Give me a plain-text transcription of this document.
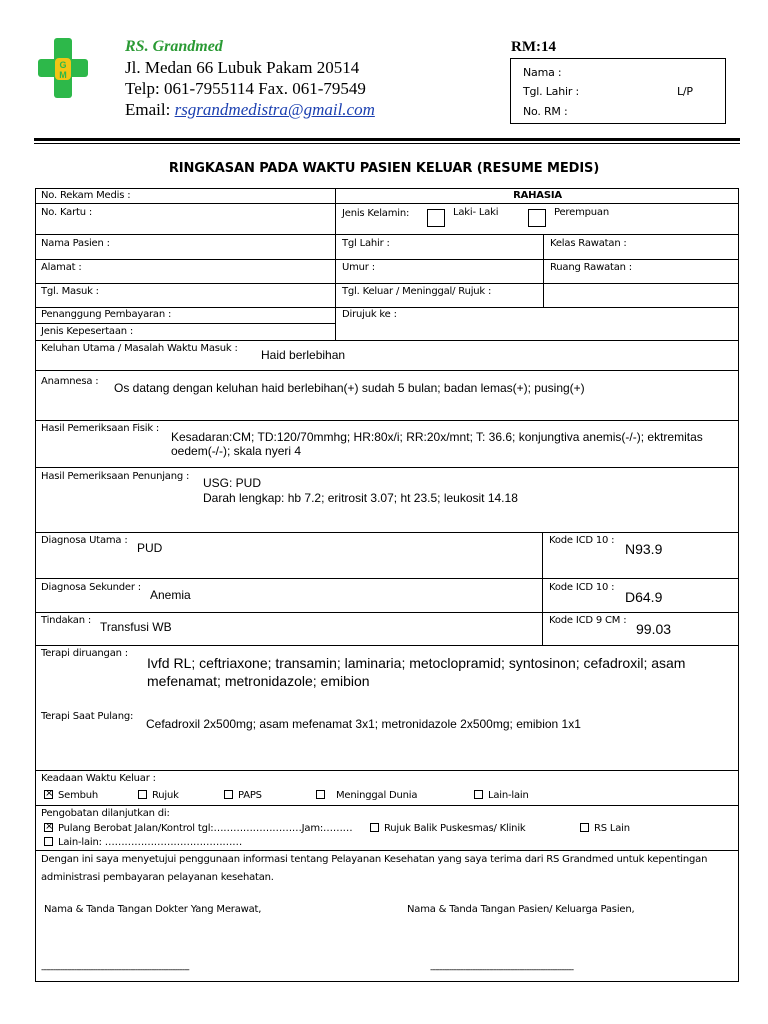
G
M
RS. Grandmed
Jl. Medan 66 Lubuk Pakam 20514
Telp: 061-7955114 Fax. 061-79549
Email: rsgrandmedistra@gmail.com
RM:14
Nama :
Tgl. Lahir :	L/P
No. RM :
RINGKASAN PADA WAKTU PASIEN KELUAR (RESUME MEDIS)
No. Rekam Medis :	RAHASIA
No. Kartu :	Jenis Kelamin:	Laki- Laki	Perempuan
Nama Pasien :	Tgl Lahir :	Kelas Rawatan :
Alamat :	Umur :	Ruang Rawatan :
Tgl. Masuk :	Tgl. Keluar / Meninggal/ Rujuk :
Penanggung Pembayaran :	Dirujuk ke :
Jenis Kepesertaan :
Keluhan Utama / Masalah Waktu Masuk : Haid berlebihan
Anamnesa : Os datang dengan keluhan haid berlebihan(+) sudah 5 bulan; badan lemas(+); pusing(+)
Hasil Pemeriksaan Fisik :
Kesadaran:CM; TD:120/70mmhg; HR:80x/i; RR:20x/mnt; T: 36.6; konjungtiva anemis(-/-); ektremitas
oedem(-/-); skala nyeri 4
Hasil Pemeriksaan Penunjang : USG: PUD
Darah lengkap: hb 7.2; eritrosit 3.07; ht 23.5; leukosit 14.18
Diagnosa Utama :
PUD
Kode ICD 10 :
N93.9
Diagnosa Sekunder :
Anemia
Kode ICD 10 :
D64.9
Tindakan : Transfusi WB	Kode ICD 9 CM :
99.03
Terapi diruangan :
Ivfd RL; ceftriaxone; transamin; laminaria; metoclopramid; syntosinon; cefadroxil; asam
mefenamat; metronidazole; emibion
Terapi Saat Pulang:
Cefadroxil 2x500mg; asam mefenamat 3x1; metronidazole 2x500mg; emibion 1x1
Keadaan Waktu Keluar :
×Sembuh	Rujuk	PAPS	Meninggal Dunia	Lain-lain
Pengobatan dilanjutkan di:
×Pulang Berobat Jalan/Kontrol tgl:………………………Jam:………	Rujuk Balik Puskesmas/ Klinik	RS Lain
Lain-lain: ……………………………………
Dengan ini saya menyetujui penggunaan informasi tentang Pelayanan Kesehatan yang saya terima dari RS Grandmed untuk kepentingan
administrasi pembayaran pelayanan kesehatan.
Nama & Tanda Tangan Dokter Yang Merawat,	Nama & Tanda Tangan Pasien/ Keluarga Pasien,
---------------------------------------------------------------	-------------------------------------------------------------
